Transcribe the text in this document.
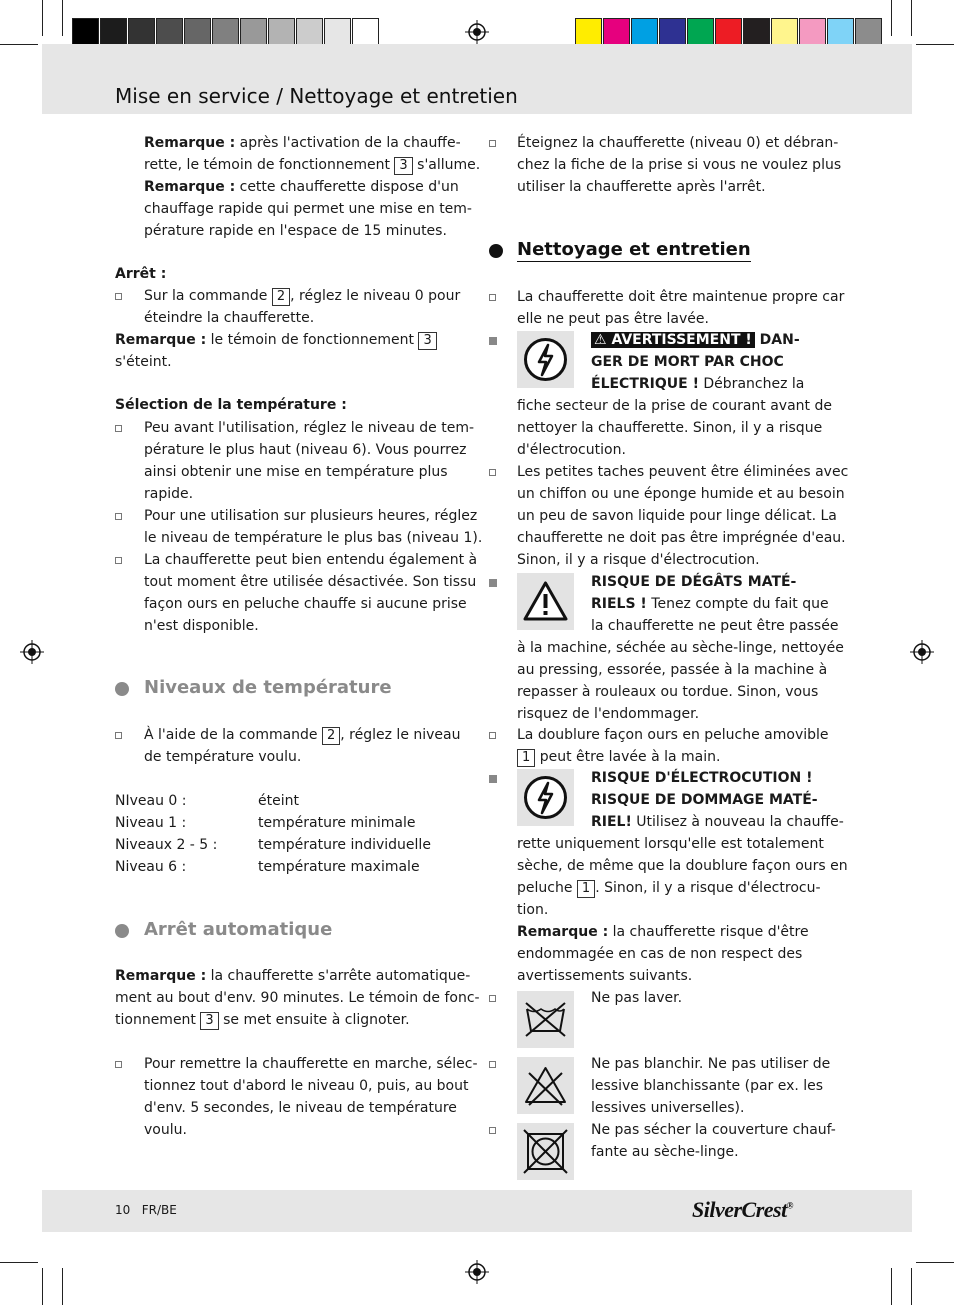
Mise en service / Nettoyage et entretien
Remarque : après l'activation de la chauffe-
rette, le témoin de fonctionnement 3 s'allume.
Remarque : cette chaufferette dispose d'un
chauffage rapide qui permet une mise en tem-
pérature rapide en l'espace de 15 minutes.
Arrêt :
Sur la commande 2 , réglez le niveau 0 pour
éteindre la chaufferette.
Remarque : le témoin de fonctionnement 3
s'éteint.
Sélection de la température :
Peu avant l'utilisation, réglez le niveau de tem-
pérature le plus haut (niveau 6). Vous pourrez
ainsi obtenir une mise en température plus
rapide.
Pour une utilisation sur plusieurs heures, réglez
le niveau de température le plus bas (niveau 1).
La chaufferette peut bien entendu également à
tout moment être utilisée désactivée. Son tissu
façon ours en peluche chauffe si aucune prise
n'est disponible.
Niveaux de température
À l'aide de la commande 2 , réglez le niveau
de température voulu.
NIveau 0 :	éteint
Niveau 1 :	température minimale
Niveaux 2 - 5 :	température individuelle
Niveau 6 :	température maximale
Arrêt automatique
Remarque : la chaufferette s'arrête automatique-
ment au bout d'env. 90 minutes. Le témoin de fonc-
tionnement 3 se met ensuite à clignoter.
Pour remettre la chaufferette en marche, sélec-
tionnez tout d'abord le niveau 0, puis, au bout
d'env. 5 secondes, le niveau de température
voulu.
Éteignez la chaufferette (niveau 0) et débran-
chez la fiche de la prise si vous ne voulez plus
utiliser la chaufferette après l'arrêt.
Nettoyage et entretien
La chaufferette doit être maintenue propre car
elle ne peut pas être lavée.
⚠ AVERTISSEMENT ! DAN-
GER DE MORT PAR CHOC
ÉLECTRIQUE ! Débranchez la
fiche secteur de la prise de courant avant de
nettoyer la chaufferette. Sinon, il y a risque
d'électrocution.
Les petites taches peuvent être éliminées avec
un chiffon ou une éponge humide et au besoin
un peu de savon liquide pour linge délicat. La
chaufferette ne doit pas être imprégnée d'eau.
Sinon, il y a risque d'électrocution.
RISQUE DE DÉGÂTS MATÉ-
RIELS ! Tenez compte du fait que
la chaufferette ne peut être passée
à la machine, séchée au sèche-linge, nettoyée
au pressing, essorée, passée à la machine à
repasser à rouleaux ou tordue. Sinon, vous
risquez de l'endommager.
La doublure façon ours en peluche amovible
1 peut être lavée à la main.
RISQUE D'ÉLECTROCUTION !
RISQUE DE DOMMAGE MATÉ-
RIEL! Utilisez à nouveau la chauffe-
rette uniquement lorsqu'elle est totalement
sèche, de même que la doublure façon ours en
peluche 1 . Sinon, il y a risque d'électrocu-
tion.
Remarque : la chaufferette risque d'être
endommagée en cas de non respect des
avertissements suivants.
Ne pas laver.
Ne pas blanchir. Ne pas utiliser de
lessive blanchissante (par ex. les
lessives universelles).
Ne pas sécher la couverture chauf-
fante au sèche-linge.
10 FR/BE	SilverCrest®
